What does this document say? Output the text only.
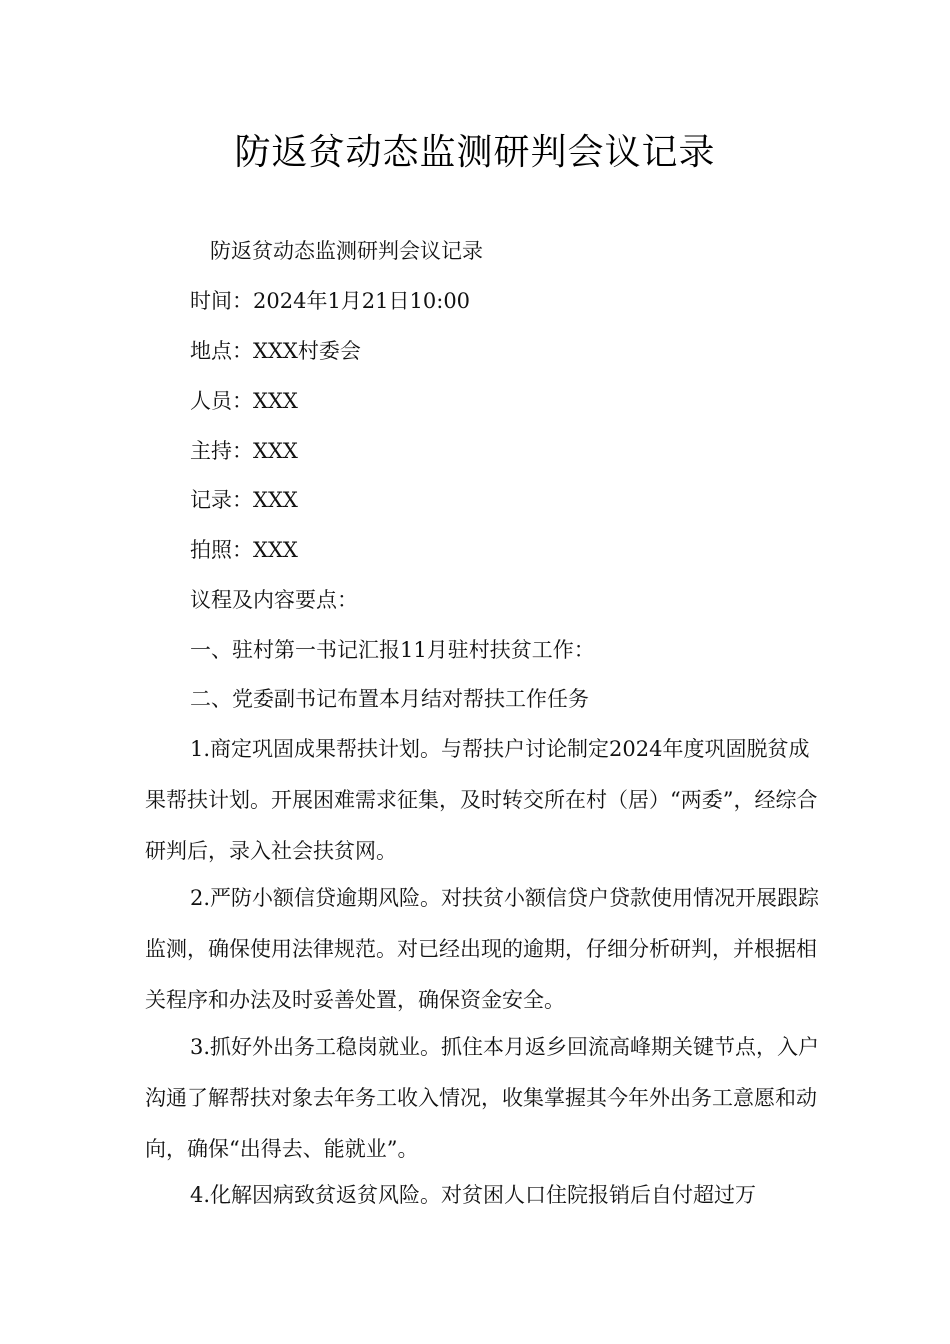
防返贫动态监测研判会议记录
防返贫动态监测研判会议记录
时间：2024年1月21日10:00
地点：XXX村委会
人员：XXX
主持：XXX
记录：XXX
拍照：XXX
议程及内容要点：
一、驻村第一书记汇报11月驻村扶贫工作：
二、党委副书记布置本月结对帮扶工作任务

1.商定巩固成果帮扶计划。与帮扶户讨论制定2024年度巩固脱贫成果帮扶计划。开展困难需求征集，及时转交所在村（居）“两委”，经综合研判后，录入社会扶贫网。

2.严防小额信贷逾期风险。对扶贫小额信贷户贷款使用情况开展跟踪监测，确保使用法律规范。对已经出现的逾期，仔细分析研判，并根据相关程序和办法及时妥善处置，确保资金安全。

3.抓好外出务工稳岗就业。抓住本月返乡回流高峰期关键节点，入户沟通了解帮扶对象去年务工收入情况，收集掌握其今年外出务工意愿和动向，确保“出得去、能就业”。

4.化解因病致贫返贫风险。对贫困人口住院报销后自付超过万
